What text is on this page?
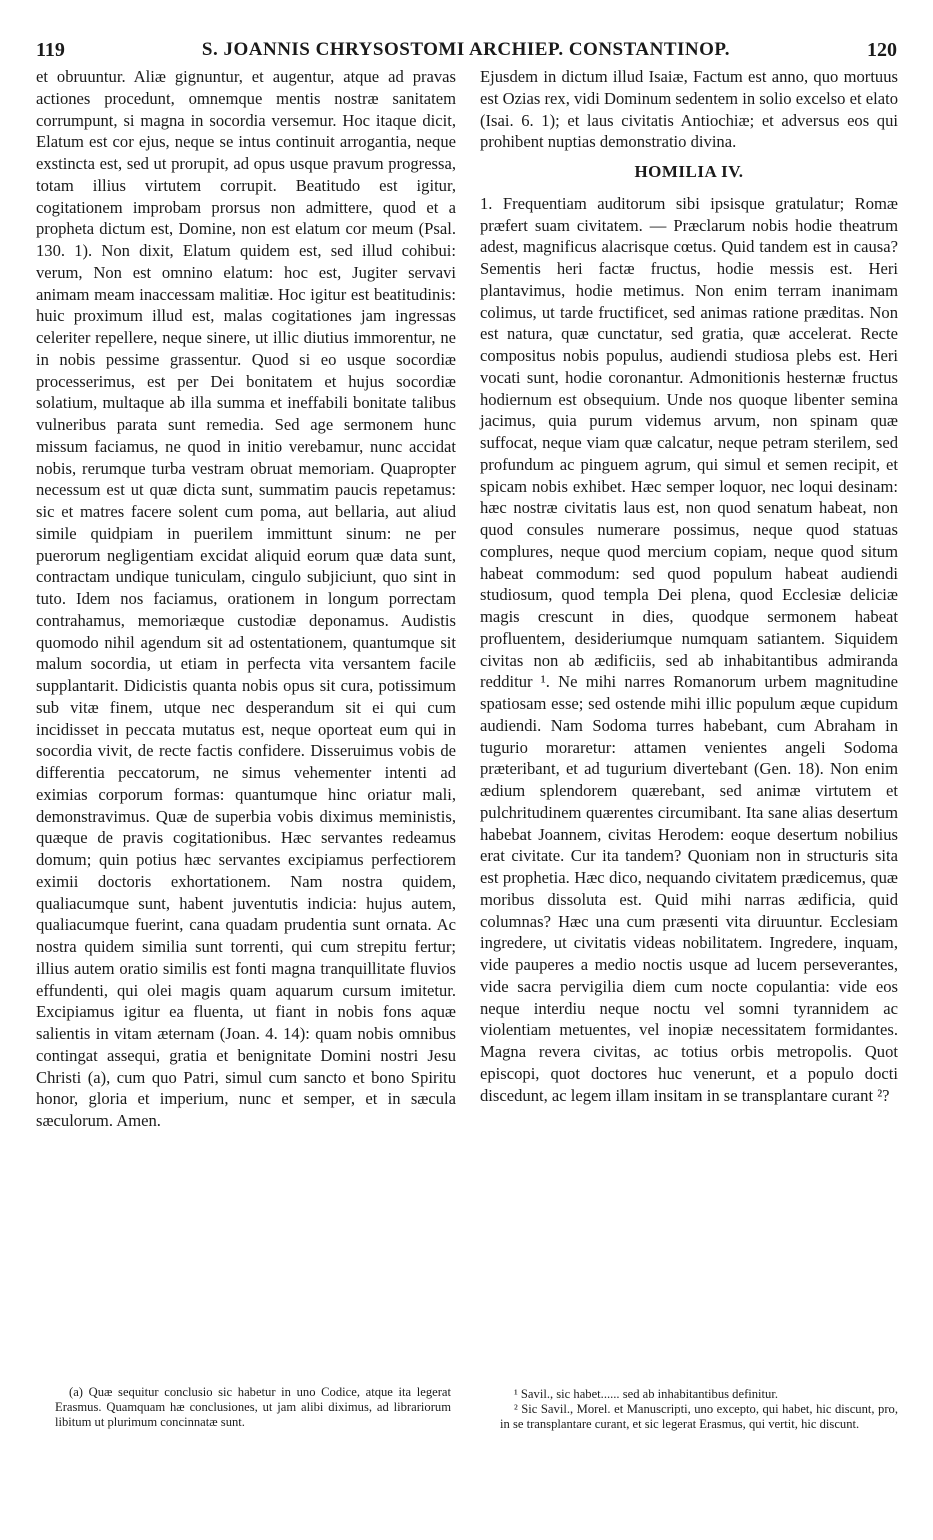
119	S. JOANNIS CHRYSOSTOMI ARCHIEP. CONSTANTINOP.	120

et obruuntur. Aliæ gignuntur, et augentur, atque ad pravas actiones procedunt, omnemque mentis nostræ sanitatem corrumpunt, si magna in socordia versemur. Hoc itaque dicit, Elatum est cor ejus, neque se intus continuit arrogantia, neque exstincta est, sed ut prorupit, ad opus usque pravum progressa, totam illius virtutem corrupit. Beatitudo est igitur, cogitationem improbam prorsus non admittere, quod et a propheta dictum est, Domine, non est elatum cor meum (Psal. 130. 1). Non dixit, Elatum quidem est, sed illud cohibui: verum, Non est omnino elatum: hoc est, Jugiter servavi animam meam inaccessam malitiæ. Hoc igitur est beatitudinis: huic proximum illud est, malas cogitationes jam ingressas celeriter repellere, neque sinere, ut illic diutius immorentur, ne in nobis pessime grassentur. Quod si eo usque socordiæ processerimus, est per Dei bonitatem et hujus socordiæ solatium, multaque ab illa summa et ineffabili bonitate talibus vulneribus parata sunt remedia. Sed age sermonem hunc missum faciamus, ne quod in initio verebamur, nunc accidat nobis, rerumque turba vestram obruat memoriam. Quapropter necessum est ut quæ dicta sunt, summatim paucis repetamus: sic et matres facere solent cum poma, aut bellaria, aut aliud simile quidpiam in puerilem immittunt sinum: ne per puerorum negligentiam excidat aliquid eorum quæ data sunt, contractam undique tuniculam, cingulo subjiciunt, quo sint in tuto. Idem nos faciamus, orationem in longum porrectam contrahamus, memoriæque custodiæ deponamus. Audistis quomodo nihil agendum sit ad ostentationem, quantumque sit malum socordia, ut etiam in perfecta vita versantem facile supplantarit. Didicistis quanta nobis opus sit cura, potissimum sub vitæ finem, utque nec desperandum sit ei qui cum incidisset in peccata mutatus est, neque oporteat eum qui in socordia vivit, de recte factis confidere. Disseruimus vobis de differentia peccatorum, ne simus vehementer intenti ad eximias corporum formas: quantumque hinc oriatur mali, demonstravimus. Quæ de superbia vobis diximus meministis, quæque de pravis cogitationibus. Hæc servantes redeamus domum; quin potius hæc servantes excipiamus perfectiorem eximii doctoris exhortationem. Nam nostra quidem, qualiacumque sunt, habent juventutis indicia: hujus autem, qualiacumque fuerint, cana quadam prudentia sunt ornata. Ac nostra quidem similia sunt torrenti, qui cum strepitu fertur; illius autem oratio similis est fonti magna tranquillitate fluvios effundenti, qui olei magis quam aquarum cursum imitetur. Excipiamus igitur ea fluenta, ut fiant in nobis fons aquæ salientis in vitam æternam (Joan. 4. 14): quam nobis omnibus contingat assequi, gratia et benignitate Domini nostri Jesu Christi (a), cum quo Patri, simul cum sancto et bono Spiritu honor, gloria et imperium, nunc et semper, et in sæcula sæculorum. Amen.

(a) Quæ sequitur conclusio sic habetur in uno Codice, atque ita legerat Erasmus. Quamquam hæ conclusiones, ut jam alibi diximus, ad librariorum libitum ut plurimum concinnatæ sunt.

Ejusdem in dictum illud Isaiæ, Factum est anno, quo mortuus est Ozias rex, vidi Dominum sedentem in solio excelso et elato (Isai. 6. 1); et laus civitatis Antiochiæ; et adversus eos qui prohibent nuptias demonstratio divina.

HOMILIA IV.

1. Frequentiam auditorum sibi ipsisque gratulatur; Romæ præfert suam civitatem. — Præclarum nobis hodie theatrum adest, magnificus alacrisque cœtus. Quid tandem est in causa? Sementis heri factæ fructus, hodie messis est. Heri plantavimus, hodie metimus. Non enim terram inanimam colimus, ut tarde fructificet, sed animas ratione præditas. Non est natura, quæ cunctatur, sed gratia, quæ accelerat. Recte compositus nobis populus, audiendi studiosa plebs est. Heri vocati sunt, hodie coronantur. Admonitionis hesternæ fructus hodiernum est obsequium. Unde nos quoque libenter semina jacimus, quia purum videmus arvum, non spinam quæ suffocat, neque viam quæ calcatur, neque petram sterilem, sed profundum ac pinguem agrum, qui simul et semen recipit, et spicam nobis exhibet. Hæc semper loquor, nec loqui desinam: hæc nostræ civitatis laus est, non quod senatum habeat, non quod consules numerare possimus, neque quod statuas complures, neque quod mercium copiam, neque quod situm habeat commodum: sed quod populum habeat audiendi studiosum, quod templa Dei plena, quod Ecclesiæ deliciæ magis crescunt in dies, quodque sermonem habeat profluentem, desideriumque numquam satiantem. Siquidem civitas non ab ædificiis, sed ab inhabitantibus admiranda redditur ¹. Ne mihi narres Romanorum urbem magnitudine spatiosam esse; sed ostende mihi illic populum æque cupidum audiendi. Nam Sodoma turres habebant, cum Abraham in tugurio moraretur: attamen venientes angeli Sodoma præteribant, et ad tugurium divertebant (Gen. 18). Non enim ædium splendorem quærebant, sed animæ virtutem et pulchritudinem quærentes circumibant. Ita sane alias desertum habebat Joannem, civitas Herodem: eoque desertum nobilius erat civitate. Cur ita tandem? Quoniam non in structuris sita est prophetia. Hæc dico, nequando civitatem prædicemus, quæ moribus dissoluta est. Quid mihi narras ædificia, quid columnas? Hæc una cum præsenti vita diruuntur. Ecclesiam ingredere, ut civitatis videas nobilitatem. Ingredere, inquam, vide pauperes a medio noctis usque ad lucem perseverantes, vide sacra pervigilia diem cum nocte copulantia: vide eos neque interdiu neque noctu vel somni tyrannidem ac violentiam metuentes, vel inopiæ necessitatem formidantes. Magna revera civitas, ac totius orbis metropolis. Quot episcopi, quot doctores huc venerunt, et a populo docti discedunt, ac legem illam insitam in se transplantare curant ²?

¹ Savil., sic habet...... sed ab inhabitantibus definitur.

² Sic Savil., Morel. et Manuscripti, uno excepto, qui habet, hic discunt, pro, in se transplantare curant, et sic legerat Erasmus, qui vertit, hic discunt.
